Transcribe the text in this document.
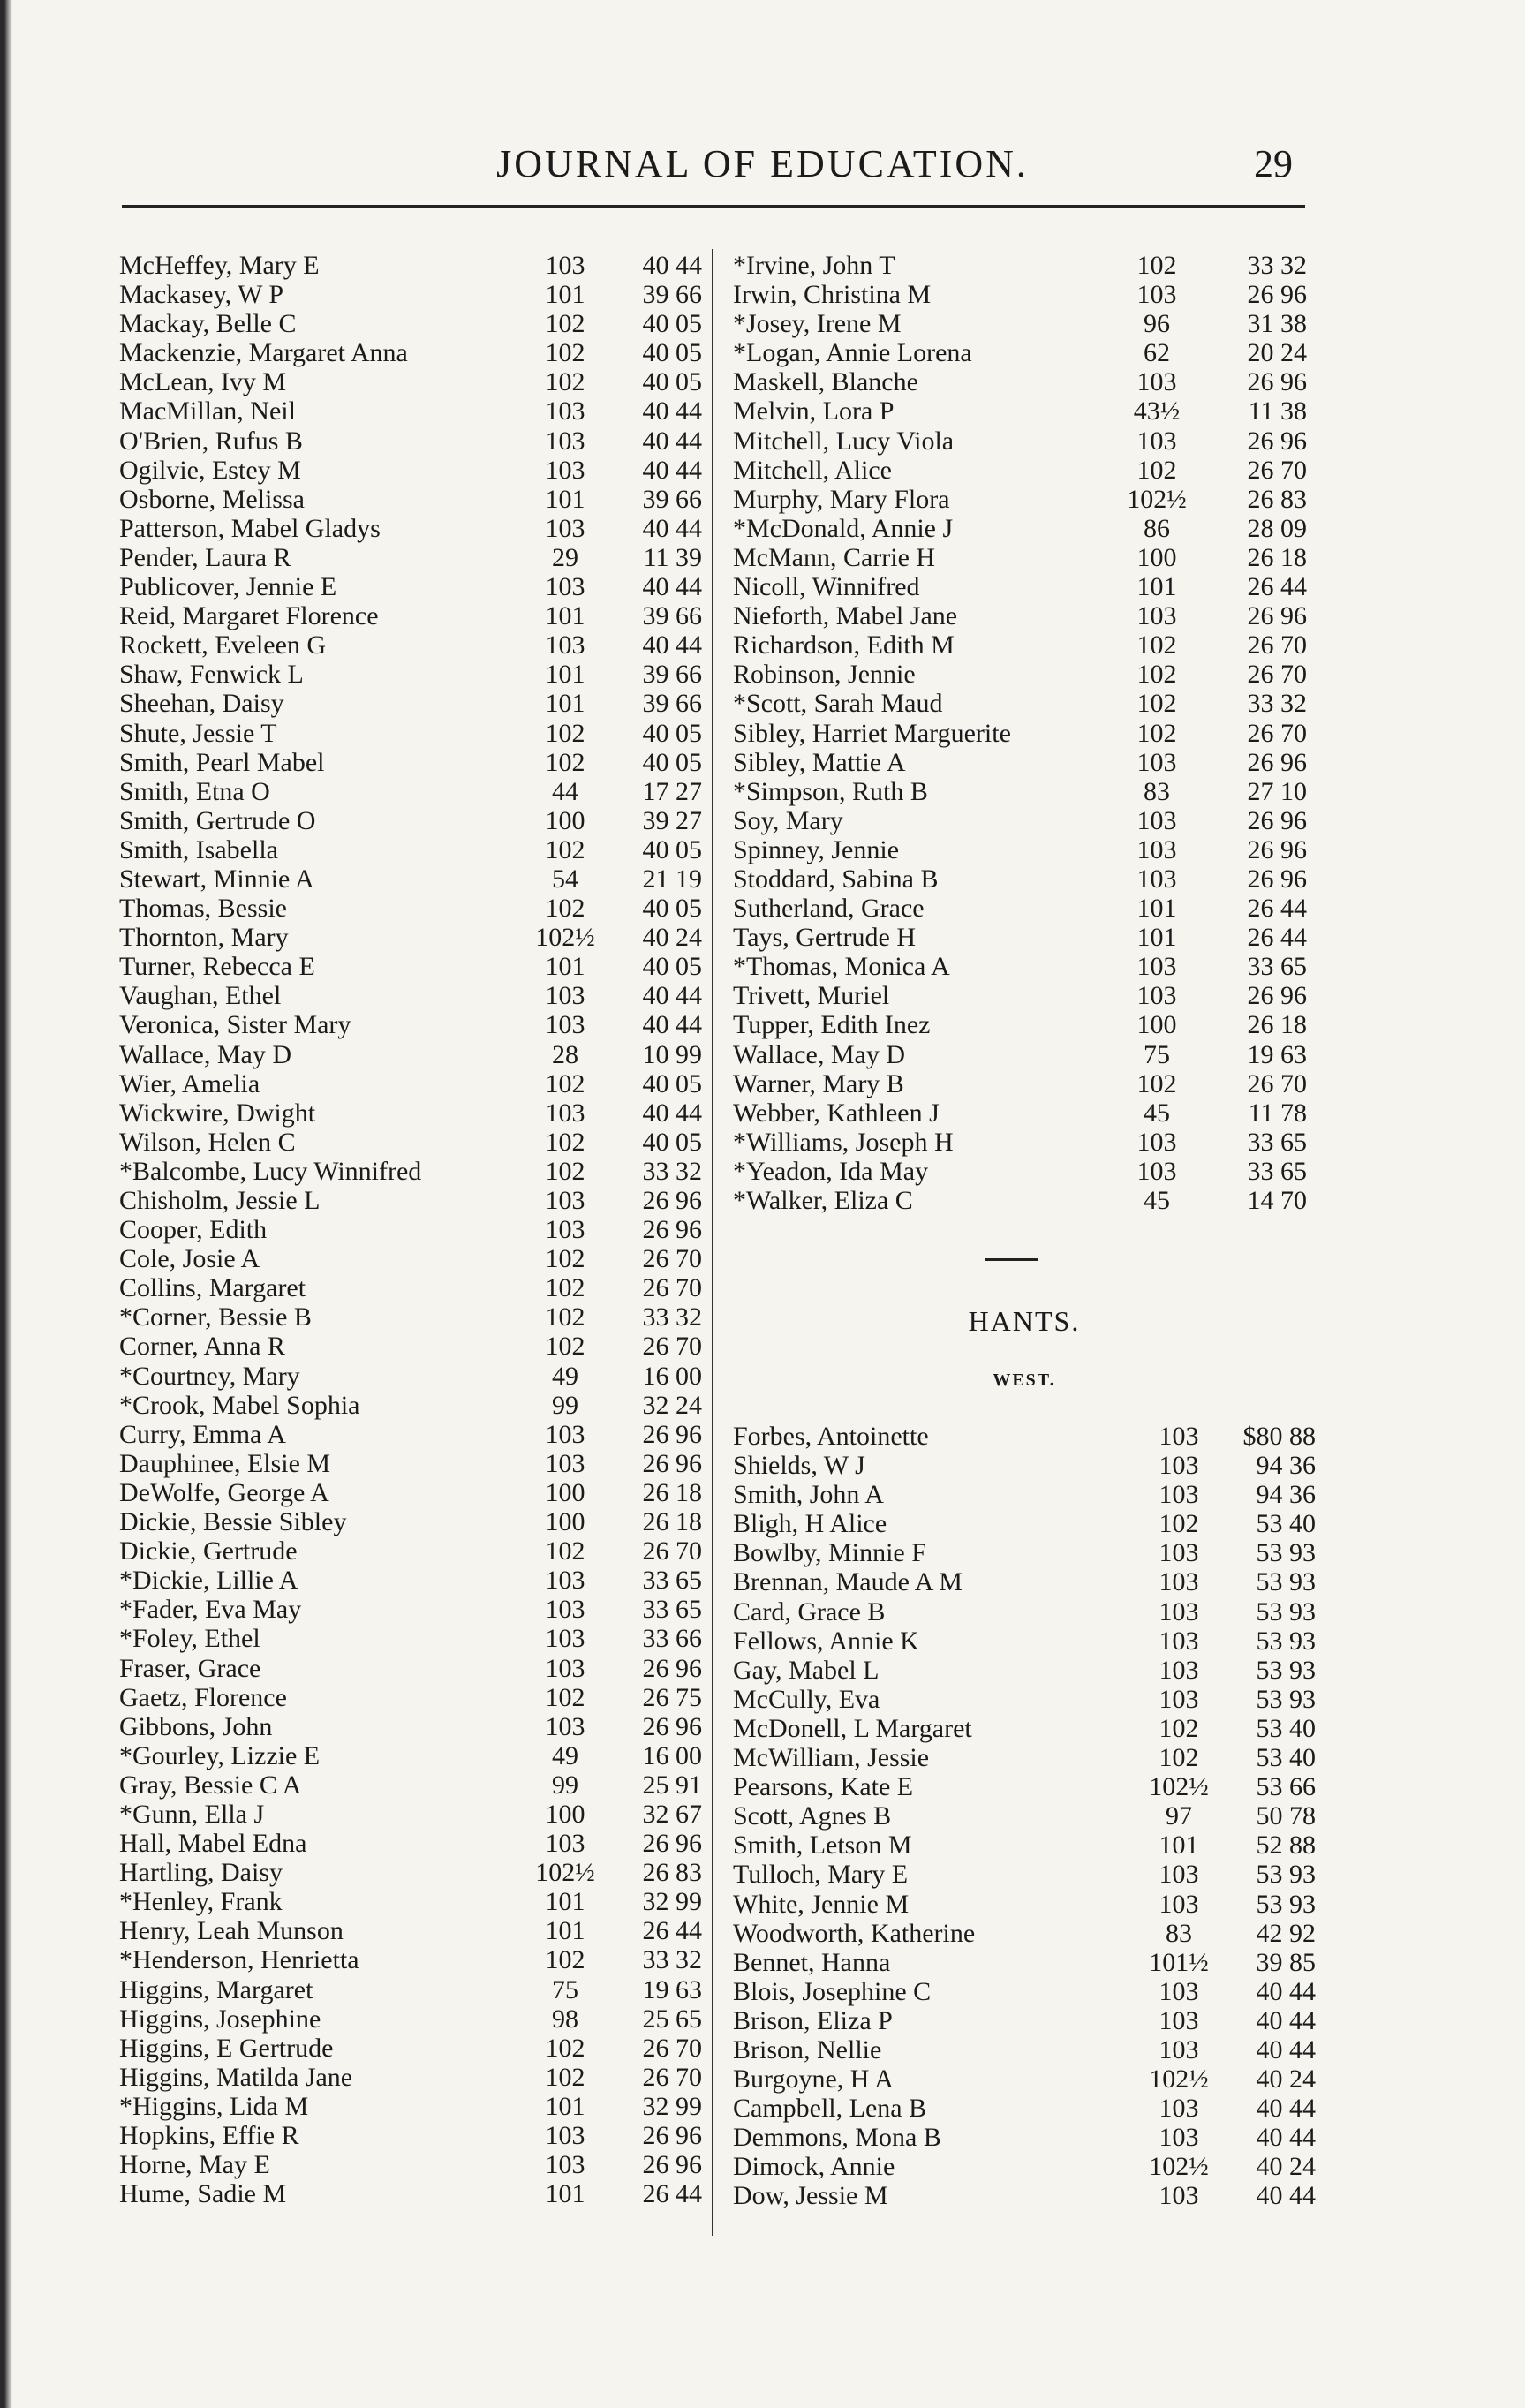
JOURNAL OF EDUCATION.	29
McHeffey, Mary E	103	40 44
Mackasey, W P	101	39 66
Mackay, Belle C	102	40 05
Mackenzie, Margaret Anna	102	40 05
McLean, Ivy M	102	40 05
MacMillan, Neil	103	40 44
O'Brien, Rufus B	103	40 44
Ogilvie, Estey M	103	40 44
Osborne, Melissa	101	39 66
Patterson, Mabel Gladys	103	40 44
Pender, Laura R	29	11 39
Publicover, Jennie E	103	40 44
Reid, Margaret Florence	101	39 66
Rockett, Eveleen G	103	40 44
Shaw, Fenwick L	101	39 66
Sheehan, Daisy	101	39 66
Shute, Jessie T	102	40 05
Smith, Pearl Mabel	102	40 05
Smith, Etna O	44	17 27
Smith, Gertrude O	100	39 27
Smith, Isabella	102	40 05
Stewart, Minnie A	54	21 19
Thomas, Bessie	102	40 05
Thornton, Mary	102½	40 24
Turner, Rebecca E	101	40 05
Vaughan, Ethel	103	40 44
Veronica, Sister Mary	103	40 44
Wallace, May D	28	10 99
Wier, Amelia	102	40 05
Wickwire, Dwight	103	40 44
Wilson, Helen C	102	40 05
*Balcombe, Lucy Winnifred	102	33 32
Chisholm, Jessie L	103	26 96
Cooper, Edith	103	26 96
Cole, Josie A	102	26 70
Collins, Margaret	102	26 70
*Corner, Bessie B	102	33 32
Corner, Anna R	102	26 70
*Courtney, Mary	49	16 00
*Crook, Mabel Sophia	99	32 24
Curry, Emma A	103	26 96
Dauphinee, Elsie M	103	26 96
DeWolfe, George A	100	26 18
Dickie, Bessie Sibley	100	26 18
Dickie, Gertrude	102	26 70
*Dickie, Lillie A	103	33 65
*Fader, Eva May	103	33 65
*Foley, Ethel	103	33 66
Fraser, Grace	103	26 96
Gaetz, Florence	102	26 75
Gibbons, John	103	26 96
*Gourley, Lizzie E	49	16 00
Gray, Bessie C A	99	25 91
*Gunn, Ella J	100	32 67
Hall, Mabel Edna	103	26 96
Hartling, Daisy	102½	26 83
*Henley, Frank	101	32 99
Henry, Leah Munson	101	26 44
*Henderson, Henrietta	102	33 32
Higgins, Margaret	75	19 63
Higgins, Josephine	98	25 65
Higgins, E Gertrude	102	26 70
Higgins, Matilda Jane	102	26 70
*Higgins, Lida M	101	32 99
Hopkins, Effie R	103	26 96
Horne, May E	103	26 96
Hume, Sadie M	101	26 44
*Irvine, John T	102	33 32
Irwin, Christina M	103	26 96
*Josey, Irene M	96	31 38
*Logan, Annie Lorena	62	20 24
Maskell, Blanche	103	26 96
Melvin, Lora P	43½	11 38
Mitchell, Lucy Viola	103	26 96
Mitchell, Alice	102	26 70
Murphy, Mary Flora	102½	26 83
*McDonald, Annie J	86	28 09
McMann, Carrie H	100	26 18
Nicoll, Winnifred	101	26 44
Nieforth, Mabel Jane	103	26 96
Richardson, Edith M	102	26 70
Robinson, Jennie	102	26 70
*Scott, Sarah Maud	102	33 32
Sibley, Harriet Marguerite	102	26 70
Sibley, Mattie A	103	26 96
*Simpson, Ruth B	83	27 10
Soy, Mary	103	26 96
Spinney, Jennie	103	26 96
Stoddard, Sabina B	103	26 96
Sutherland, Grace	101	26 44
Tays, Gertrude H	101	26 44
*Thomas, Monica A	103	33 65
Trivett, Muriel	103	26 96
Tupper, Edith Inez	100	26 18
Wallace, May D	75	19 63
Warner, Mary B	102	26 70
Webber, Kathleen J	45	11 78
*Williams, Joseph H	103	33 65
*Yeadon, Ida May	103	33 65
*Walker, Eliza C	45	14 70
HANTS.
WEST.
Forbes, Antoinette	103	$80 88
Shields, W J	103	94 36
Smith, John A	103	94 36
Bligh, H Alice	102	53 40
Bowlby, Minnie F	103	53 93
Brennan, Maude A M	103	53 93
Card, Grace B	103	53 93
Fellows, Annie K	103	53 93
Gay, Mabel L	103	53 93
McCully, Eva	103	53 93
McDonell, L Margaret	102	53 40
McWilliam, Jessie	102	53 40
Pearsons, Kate E	102½	53 66
Scott, Agnes B	97	50 78
Smith, Letson M	101	52 88
Tulloch, Mary E	103	53 93
White, Jennie M	103	53 93
Woodworth, Katherine	83	42 92
Bennet, Hanna	101½	39 85
Blois, Josephine C	103	40 44
Brison, Eliza P	103	40 44
Brison, Nellie	103	40 44
Burgoyne, H A	102½	40 24
Campbell, Lena B	103	40 44
Demmons, Mona B	103	40 44
Dimock, Annie	102½	40 24
Dow, Jessie M	103	40 44
